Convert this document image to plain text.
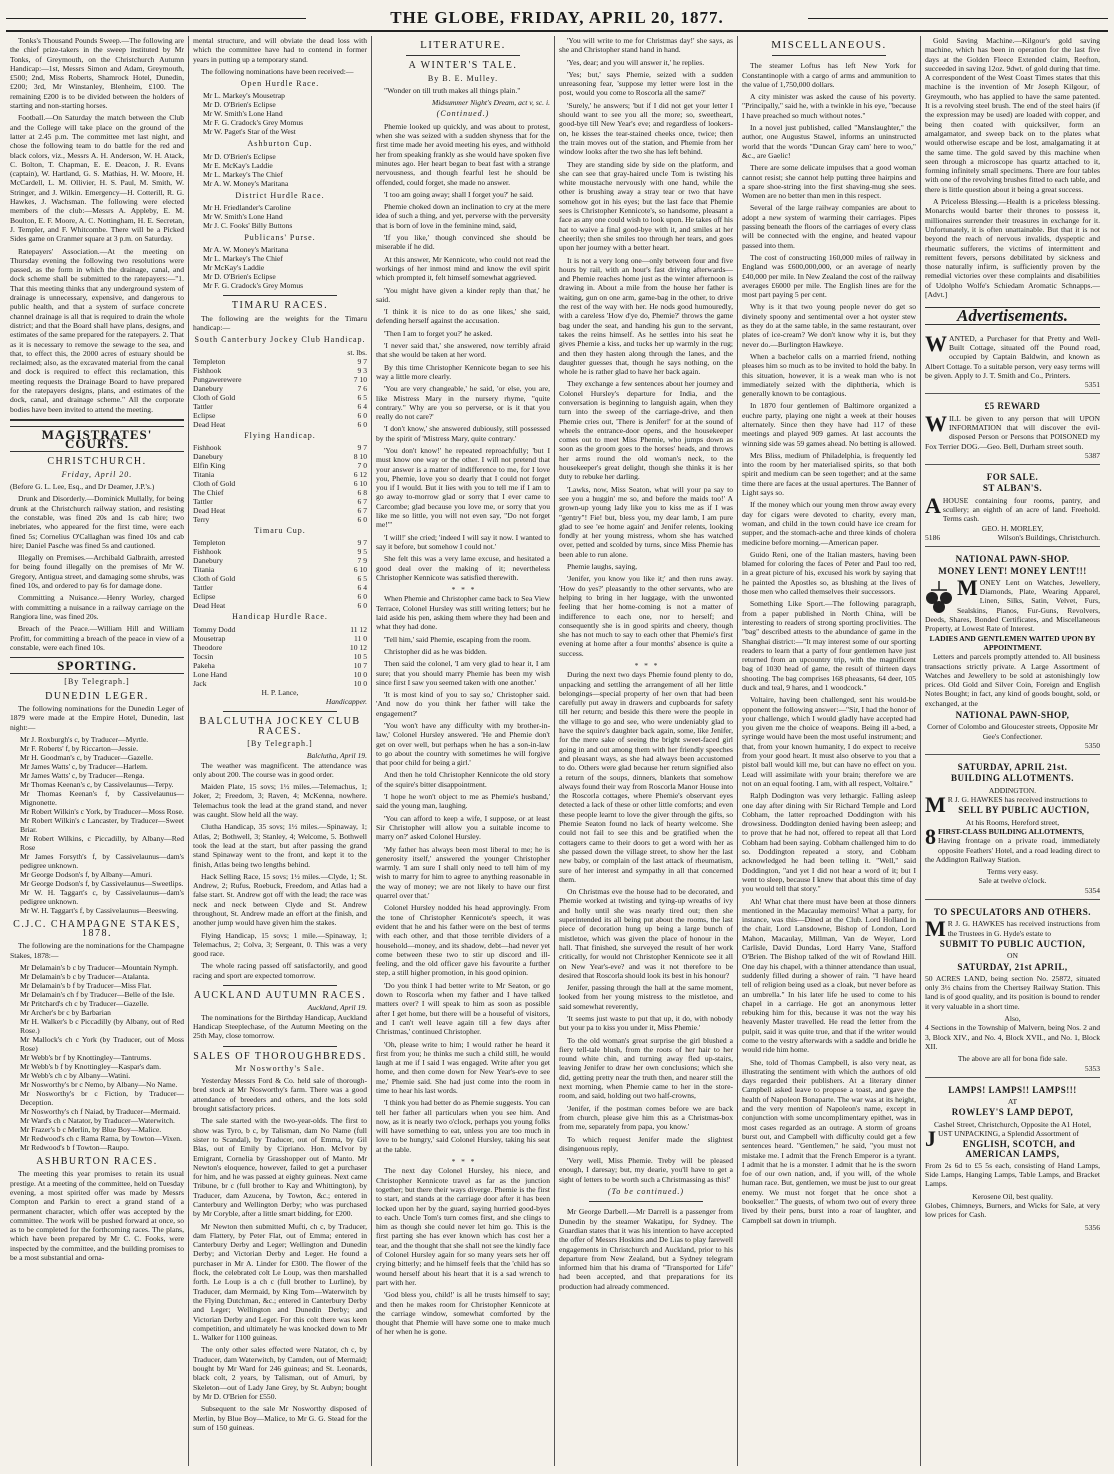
THE GLOBE, FRIDAY, APRIL 20, 1877.

Tonks's Thousand Pounds Sweep.—The following are the chief prize-takers in the sweep instituted by Mr Tonks, of Greymouth, on the Christchurch Autumn Handicap:—1st, Messrs Simon and Adam, Greymouth, £500; 2nd, Miss Roberts, Shamrock Hotel, Dunedin, £200; 3rd, Mr Winstanley, Blenheim, £100. The remaining £200 is to be divided between the holders of starting and non-starting horses.

Football.—On Saturday the match between the Club and the College will take place on the ground of the latter at 2.45 p.m. The committee met last night, and chose the following team to do battle for the red and black colors, viz., Messrs A. H. Anderson, W. H. Atack, C. Bolton, T. Chapman, E. E. Deacon, J. R. Evans (captain), W. Hartland, G. S. Mathias, H. W. Moore, H. McCardell, L. M. Ollivier, H. S. Paul, M. Smith, W. Stringer, and J. Wilkin. Emergency—H. Cotterill, R. G. Hawkes, J. Wachsman. The following were elected members of the club:—Messrs A. Appleby, E. M. Boulton, E. F. Moore, A. C. Nottingham, H. E. Secretan, J. Templer, and F. Whitcombe. There will be a Picked Sides game on Cranmer square at 3 p.m. on Saturday.

Ratepayers' Association.—At the meeting on Thursday evening the following two resolutions were passed, as the form in which the drainage, canal, and dock scheme shall be submitted to the ratepayers:—"1. That this meeting thinks that any underground system of drainage is unnecessary, expensive, and dangerous to public health, and that a system of surface concrete channel drainage is all that is required to drain the whole district; and that the Board shall have plans, designs, and estimates of the same prepared for the ratepayers. 2. That as it is necessary to remove the sewage to the sea, and that, to effect this, the 2000 acres of estuary should be reclaimed; also, as the excavated material from the canal and dock is required to effect this reclamation, this meeting requests the Drainage Board to have prepared for the ratepayers designs, plans, and estimates of the dock, canal, and drainage scheme." All the corporate bodies have been invited to attend the meeting.

MAGISTRATES' COURTS.
CHRISTCHURCH.
Friday, April 20.

(Before G. L. Lee, Esq., and Dr Deamer, J.P.'s.)

Drunk and Disorderly.—Dominick Mullally, for being drunk at the Christchurch railway station, and resisting the constable, was fined 20s and 1s cab hire; two inebriates, who appeared for the first time, were each fined 5s; Cornelius O'Callaghan was fined 10s and cab hire; Daniel Pasche was fined 5s and cautioned.

Illegally on Premises.—Archibald Galbraith, arrested for being found illegally on the premises of Mr W. Gregory, Antigua street, and damaging some shrubs, was fined 10s, and ordered to pay 6s for damage done.

Committing a Nuisance.—Henry Worley, charged with committing a nuisance in a railway carriage on the Rangiora line, was fined 20s.

Breach of the Peace.—William Hill and William Profitt, for committing a breach of the peace in view of a constable, were each fined 10s.

SPORTING.
[By Telegraph.]
DUNEDIN LEGER.

The following nominations for the Dunedin Leger of 1879 were made at the Empire Hotel, Dunedin, last night:—

Mr J. Roxburgh's c, by Traducer—Myrtle.
Mr F. Roberts' f, by Riccarton—Jessie.
Mr H. Goodman's c, by Traducer—Gazelle.
Mr James Watts' c, by Traducer—Harlem.
Mr James Watts' c, by Traducer—Renga.
Mr Thomas Keenan's c, by Cassivelaunus—Terpy.
Mr Thomas Keenan's f, by Cassivelaunus—Mignonette.
Mr Robert Wilkin's c York, by Traducer—Moss Rose.
Mr Robert Wilkin's c Lancaster, by Traducer—Sweet Briar.
Mr Robert Wilkins, c Piccadilly, by Albany—Red Rose
Mr James Forsyth's f, by Cassivelaunus—dam's pedigree unknown.
Mr George Dodson's f, by Albany—Amuri.
Mr George Dodson's f, by Cassivelaunus—Sweetlips.
Mr W. H. Taggart's c, by Cassivelaunus—dam's pedigree unknown.
Mr W. H. Taggart's f, by Cassivelaunus—Beeswing.
C.J.C. CHAMPAGNE STAKES, 1878.

The following are the nominations for the Champagne Stakes, 1878:—

Mr Delamain's b c by Traducer—Mountain Nymph.
Mr Delamain's b c by Traducer—Atalanta.
Mr Delamain's b f by Traducer—Miss Flat.
Mr Delamain's ch f by Traducer—Belle of the Isle.
Mr Pritchard's ch c by Traducer—Gazelle.
Mr Archer's br c by Barbarian
Mr H. Walker's b c Piccadilly (by Albany, out of Red Rose.)
Mr Mallock's ch c York (by Traducer, out of Moss Rose)
Mr Webb's br f by Knottingley—Tantrums.
Mr Webb's b f by Knottingley—Kaspar's dam.
Mr Webb's ch c by Albany—Watini.
Mr Nosworthy's br c Nemo, by Albany—No Name.
Mr Nosworthy's br c Fiction, by Traducer—Deception.
Mr Nosworthy's ch f Naiad, by Traducer—Mermaid.
Mr Ward's ch c Natator, by Traducer—Waterwitch.
Mr Frazer's b c Merlin, by Blue Boy—Malice.
Mr Redwood's ch c Rama Rama, by Towton—Vixen.
Mr Redwood's b f Towton—Raupo.
ASHBURTON RACES.

The meeting this year promises to retain its usual prestige. At a meeting of the committee, held on Tuesday evening, a most spirited offer was made by Messrs Compton and Parkin to erect a grand stand of a permanent character, which offer was accepted by the committee. The work will be pushed forward at once, so as to be completed for the forthcoming races. The plans, which have been prepared by Mr C. C. Fooks, were inspected by the committee, and the building promises to be a most substantial and orna-

mental structure, and will obviate the dead loss with which the committee have had to contend in former years in putting up a temporary stand.

The following nominations have been received:—

Open Hurdle Race.
Mr L. Markey's Mousetrap
Mr D. O'Brien's Eclipse
Mr W. Smith's Lone Hand
Mr F. G. Cradock's Grey Momus
Mr W. Paget's Star of the West
Ashburton Cup.
Mr D. O'Brien's Eclipse
Mr E. McKay's Laddie
Mr L. Markey's The Chief
Mr A. W. Money's Maritana
District Hurdle Race.
Mr H. Friedlander's Caroline
Mr W. Smith's Lone Hand
Mr J. C. Fooks' Billy Buttons
Publicans' Purse.
Mr A. W. Money's Maritana
Mr L. Markey's The Chief
Mr McKay's Laddie
Mr D. O'Brien's Eclipse
Mr F. G. Cradock's Grey Momus
TIMARU RACES.

The following are the weights for the Timaru handicap:—

South Canterbury Jockey Club Handicap.
st. lbs.
Templeton	9 7
Fishhook	9 3
Pungawerewere	7 10
Danebury	7 6
Cloth of Gold	6 5
Tattler	6 4
Eclipse	6 0
Dead Heat	6 0
Flying Handicap.
Fishhook	9 7
Danebury	8 10
Elfin King	7 0
Titania	6 12
Cloth of Gold	6 10
The Chief	6 8
Tattler	6 7
Dead Heat	6 7
Terry	6 0
Timaru Cup.
Templeton	9 7
Fishhook	9 5
Danebury	7 9
Titania	6 10
Cloth of Gold	6 5
Tattler	6 4
Eclipse	6 0
Dead Heat	6 0
Handicap Hurdle Race.
Tommy Dodd	11 12
Mousetrap	11 0
Theodore	10 12
Tocsin	10 5
Pakeha	10 7
Lone Hand	10 0
Jack	10 0
H. P. Lance,
Handicapper.
BALCLUTHA JOCKEY CLUB RACES.
[By Telegraph.]
Balclutha, April 19.

The weather was magnificent. The attendance was only about 200. The course was in good order.

Maiden Plate, 15 sovs; 1½ miles.—Telemachus, 1; Joker, 2; Freedom, 3; Raven, 4; McKenna, nowhere. Telemachus took the lead at the grand stand, and never was caught. Slow held all the way.

Clutha Handicap, 35 sovs; 1½ miles.—Spinaway, 1; Atlas, 2; Bothwell, 3; Stanley, 4; Welcome, 5. Bothwell took the lead at the start, but after passing the grand stand Spinaway went to the front, and kept it to the finish, Atlas being two lengths behind.

Hack Selling Race, 15 sovs; 1½ miles.—Clyde, 1; St. Andrew, 2; Rufus, Roebuck, Freedom, and Atlas had a false start. St. Andrew got off with the lead; the race was neck and neck between Clyde and St. Andrew throughout, St. Andrew made an effort at the finish, and another jump would have given him the stakes.

Flying Handicap, 15 sovs; 1 mile.—Spinaway, 1; Telemachus, 2; Colva, 3; Sergeant, 0. This was a very good race.

The whole racing passed off satisfactorily, and good racing and sport are expected tomorrow.

AUCKLAND AUTUMN RACES.
Auckland, April 19.

The nominations for the Birthday Handicap, Auckland Handicap Steeplechase, of the Autumn Meeting on the 25th May, close tomorrow.

SALES OF THOROUGHBREDS.
Mr Nosworthy's Sale.

Yesterday Messrs Ford & Co. held sale of thorough-bred stock at Mr Nosworthy's farm. There was a good attendance of breeders and others, and the lots sold brought satisfactory prices.

The sale started with the two-year-olds. The first to show was Tyro, b c, by Talisman, dam No Name (full sister to Scandal), by Traducer, out of Emma, by Gil Blas, out of Emily by Cipriano. Hon. McIvor by Emigrant, Cornelia by Grasshopper out of Manto. Mr Newton's eloquence, however, failed to get a purchaser for him, and he was passed at eighty guineas. Next came Tribune, br c (full brother to Kay and Whittington), by Traducer, dam Azucena, by Towton, &c.; entered in Canterbury and Wellington Derby; who was purchased by Mr Coryble, after a little smart bidding, for £200.

Mr Newton then submitted Mufti, ch c, by Traducer, dam Flattery, by Peter Flat, out of Emma; entered in Canterbury Derby and Leger; Wellington and Dunedin Derby; and Victorian Derby and Leger. He found a purchaser in Mr A. Linder for £300. The flower of the flock, the celebrated colt Le Loup, was then marshalled forth. Le Loup is a ch c (full brother to Lurline), by Traducer, dam Mermaid, by King Tom—Waterwitch by the Flying Dutchman, &c.; entered in Canterbury Derby and Leger; Wellington and Dunedin Derby; and Victorian Derby and Leger. For this colt there was keen competition, and ultimately he was knocked down to Mr L. Walker for 1100 guineas.

The only other sales effected were Natator, ch c, by Traducer, dam Waterwitch, by Camden, out of Mermaid; bought by Mr Ward for 246 guineas; and St. Leonards, black colt, 2 years, by Talisman, out of Amuri, by Skeleton—out of Lady Jane Grey, by St. Aubyn; bought by Mr D. O'Brien for £550.

Subsequent to the sale Mr Nosworthy disposed of Merlin, by Blue Boy—Malice, to Mr G. G. Stead for the sum of 150 guineas.

LITERATURE.
A WINTER'S TALE.
By B. E. Mulley.

"Wonder on till truth makes all things plain."

Midsummer Night's Dream, act v, sc. i.
(Continued.)

Phemie looked up quickly, and was about to protest, when she was seized with a sudden shyness that for the first time made her avoid meeting his eyes, and withhold her from speaking frankly as she would have spoken five minutes ago. Her heart began to beat fast with a strange nervousness, and though fearful lest he should be offended, could forget, she made no answer.

'I too am going away; shall I forget you?' he said.

Phemie choked down an inclination to cry at the mere idea of such a thing, and yet, perverse with the perversity that is born of love in the feminine mind, said,

'If you like,' though convinced she should be miserable if he did.

At this answer, Mr Kennicote, who could not read the workings of her inmost mind and know the evil spirit which prompted it, felt himself somewhat aggrieved.

'You might have given a kinder reply than that,' he said.

'I think it is nice to do as one likes,' she said, defending herself against the accusation.

'Then I am to forget you?' he asked.

'I never said that,' she answered, now terribly afraid that she would be taken at her word.

By this time Christopher Kennicote began to see his way a little more clearly.

'You are very changeable,' he said, 'or else, you are, like Mistress Mary in the nursery rhyme, "quite contrary." Why are you so perverse, or is it that you really do not care?'

'I don't know,' she answered dubiously, still possessed by the spirit of 'Mistress Mary, quite contrary.'

'You don't know!' he repeated reproachfully; 'but I must know one way or the other. I will not pretend that your answer is a matter of indifference to me, for I love you, Phemie, love you so dearly that I could not forget you if I would. But it lies with you to tell me if I am to go away to-morrow glad or sorry that I ever came to Carcombe; glad because you love me, or sorry that you like me so little, you will not even say, "Do not forget me!"'

'I will!' she cried; 'indeed I will say it now. I wanted to say it before, but somehow I could not.'

She felt this was a very lame excuse, and hesitated a good deal over the making of it; nevertheless Christopher Kennicote was satisfied therewith.

*   *   *

When Phemie and Christopher came back to Sea View Terrace, Colonel Hursley was still writing letters; but he laid aside his pen, asking them where they had been and what they had done.

'Tell him,' said Phemie, escaping from the room.

Christopher did as he was bidden.

Then said the colonel, 'I am very glad to hear it, I am sure; that you should marry Phemie has been my wish since first I saw you seemed taken with one another.'

'It is most kind of you to say so,' Christopher said. 'And now do you think her father will take the engagement?'

'You won't have any difficulty with my brother-in-law,' Colonel Hursley answered. 'He and Phemie don't get on over well, but perhaps when he has a son-in-law to go about the country with sometimes he will forgive that poor child for being a girl.'

And then he told Christopher Kennicote the old story of the squire's bitter disappointment.

'I hope he won't object to me as Phemie's husband,' said the young man, laughing.

'You can afford to keep a wife, I suppose, or at least Sir Christopher will allow you a suitable income to marry on?' asked Colonel Hursley.

'My father has always been most liberal to me; he is generosity itself,' answered the younger Christopher warmly. 'I am sure I shall only need to tell him of my wish to marry for him to agree to anything reasonable in the way of money; we are not likely to have our first quarrel over that.'

Colonel Hursley nodded his head approvingly. From the tone of Christopher Kennicote's speech, it was evident that he and his father were on the best of terms with each other, and that those terrible dividers of a household—money, and its shadow, debt—had never yet come between these two to stir up discord and ill-feeling, and the old officer gave his favourite a further step, a still higher promotion, in his good opinion.

'Do you think I had better write to Mr Seaton, or go down to Roscorla when my father and I have talked matters over? I will speak to him as soon as possible after I get home, but there will be a houseful of visitors, and I can't well leave again till a few days after Christmas,' continued Christopher.

'Oh, please write to him; I would rather he heard it first from you; he thinks me such a child still, he would laugh at me if I said I was engaged. Write after you get home, and then come down for New Year's-eve to see me,' Phemie said. She had just come into the room in time to hear his last words.

'I think you had better do as Phemie suggests. You can tell her father all particulars when you see him. And now, as it is nearly two o'clock, perhaps you young folks will have something to eat, unless you are too much in love to be hungry,' said Colonel Hursley, taking his seat at the table.

*   *   *

The next day Colonel Hursley, his niece, and Christopher Kennicote travel as far as the junction together; but there their ways diverge. Phemie is the first to start, and stands at the carriage door after it has been locked upon her by the guard, saying hurried good-byes to each. Uncle Tom's turn comes first, and she clings to him as though she could never let him go. This is the first parting she has ever known which has cost her a tear, and the thought that she shall not see the kindly face of Colonel Hursley again for so many years sets her off crying bitterly; and he himself feels that the 'child has so wound herself about his heart that it is a sad wrench to part with her.

'God bless you, child!' is all he trusts himself to say; and then he makes room for Christopher Kennicote at the carriage window, somewhat comforted by the thought that Phemie will have some one to make much of her when he is gone.

'You will write to me for Christmas day!' she says, as she and Christopher stand hand in hand.

'Yes, dear; and you will answer it,' he replies.

'Yes; but,' says Phemie, seized with a sudden unreasoning fear, 'suppose my letter were lost in the post, would you come to Roscorla all the same?'

'Surely,' he answers; 'but if I did not get your letter I should want to see you all the more; so, sweetheart, good-bye till New Year's eve; and regardless of lookers-on, he kisses the tear-stained cheeks once, twice; then the train moves out of the station, and Phemie from her window looks after the two she has left behind.

They are standing side by side on the platform, and she can see that gray-haired uncle Tom is twisting his white moustache nervously with one hand, while the other is brushing away a stray tear or two that have somehow got in his eyes; but the last face that Phemie sees is Christopher Kennicote's, so handsome, pleasant a face as any one could wish to look upon. He takes off his hat to waive a final good-bye with it, and smiles at her cheerily; then she smiles too through her tears, and goes upon her journey with a better heart.

It is not a very long one—only between four and five hours by rail, with an hour's fast driving afterwards—and Phemie reaches home just as the winter afternoon is drawing in. About a mile from the house her father is waiting, gun on one arm, game-bag in the other, to drive the rest of the way with her. He nods good humouredly, with a careless 'How d'ye do, Phemie?' throws the game bag under the seat, and handing his gun to the servant, takes the reins himself. As he settles into his seat he gives Phemie a kiss, and tucks her up warmly in the rug; and then they hasten along through the lanes, and the daughter guesses that, though he says nothing, on the whole he is rather glad to have her back again.

They exchange a few sentences about her journey and Colonel Hursley's departure for India, and the conversation is beginning to languish again, when they turn into the sweep of the carriage-drive, and then Phemie cries out, 'There is Jenifer!' for at the sound of wheels the entrance-door opens, and the housekeeper comes out to meet Miss Phemie, who jumps down as soon as the groom goes to the horses' heads, and throws her arms round the old woman's neck, to the housekeeper's great delight, though she thinks it is her duty to rebuke her darling.

'Lawks, now, Miss Seaton, what will your pa say to see you a huggin' me so, and before the maids too!' A grown-up young lady like you to kiss me as if I was "gentry"! Fie! but, bless you, my dear lamb, I am pure glad to see 'ee home again' and Jenifer relents, looking fondly at her young mistress, whom she has watched over, petted and scolded by turns, since Miss Phemie has been able to run alone.

Phemie laughs, saying,

'Jenifer, you know you like it;' and then runs away. 'How do yes?' pleasantly to the other servants, who are helping to bring in her luggage, with the unwonted feeling that her home-coming is not a matter of indifference to each one, nor to herself; and consequently she is in good spirits and cheery, though she has not much to say to each other that Phemie's first evening at home after a four months' absence is quite a success.

*   *   *

During the next two days Phemie found plenty to do, unpacking and settling the arrangement of all her little belongings—special property of her own that had been carefully put away in drawers and cupboards for safety till her return; and beside this there were the people in the village to go and see, who were undeniably glad to have the squire's daughter back again, some, like Jenifer, for the mere sake of seeing the bright sweet-faced girl going in and out among them with her friendly speeches and pleasant ways, as she had always been accustomed to do. Others were glad because her return signified also a return of the soups, dinners, blankets that somehow always found their way from Roscorla Manor House into the Roscorla cottages, where Phemie's observant eyes detected a lack of these or other little comforts; and even these people learnt to love the giver through the gifts, so Phemie Seaton found no lack of hearty welcome. She could not fail to see this and be gratified when the cottagers came to their doors to get a word with her as she passed down the village street, to show her the last new baby, or complain of the last attack of rheumatism, sure of her interest and sympathy in all that concerned them.

On Christmas eve the house had to be decorated, and Phemie worked at twisting and tying-up wreaths of ivy and holly until she was nearly tired out; then she superintended its all being put about the rooms, the last piece of decoration hung up being a large bunch of mistletoe, which was given the place of honour in the hall. That finished, she surveyed the result of her work critically, for would not Christopher Kennicote see it all on New Year's-eve? and was it not therefore to be desired that Roscorla should look its best in his honour?

Jenifer, passing through the hall at the same moment, looked from her young mistress to the mistletoe, and said somewhat reverently,

'It seems just waste to put that up, it do, with nobody but your pa to kiss you under it, Miss Phemie.'

To the old woman's great surprise the girl blushed a fiery tell-tale blush, from the roots of her hair to her round white chin, and turning away fled up-stairs, leaving Jenifer to draw her own conclusions; which she did, getting pretty near the truth then, and nearer still the next morning, when Phemie came to her in the store-room, and said, holding out two half-crowns,

'Jenifer, if the postman comes before we are back from church, please give him this as a Christmas-box from me, separately from papa, you know.'

To which request Jenifer made the slightest disingenuous reply,

'Very well, Miss Phemie. Treby will be pleased enough, I daresay; but, my dearie, you'll have to get a sight of letters to be worth such a Christmassing as this!'

(To be continued.)

Mr George Darbell.—Mr Darrell is a passenger from Dunedin by the steamer Wakatipu, for Sydney. The Guardian states that it was his intention to have accepted the offer of Messrs Hoskins and De Lias to play farewell engagements in Christchurch and Auckland, prior to his departure from New Zealand, but a Sydney telegram informed him that his drama of "Transported for Life" had been accepted, and that preparations for its production had already commenced.

MISCELLANEOUS.

The steamer Loftus has left New York for Constantinople with a cargo of arms and ammunition to the value of 1,750,000 dollars.

A city minister was asked the cause of his poverty. "Principally," said he, with a twinkle in his eye, "because I have preached so much without notes."

In a novel just published, called "Manslaughter," the author, one Augustus Stawel, informs an uninstructed world that the words "Duncan Gray cam' here to woo," &c., are Gaelic!

There are some delicate impulses that a good woman cannot resist; she cannot help putting three hairpins and a spare shoe-string into the first shaving-mug she sees. Women are no better than men in this respect.

Several of the large railway companies are about to adopt a new system of warming their carriages. Pipes passing beneath the floors of the carriages of every class will be connected with the engine, and heated vapour passed into them.

The cost of constructing 160,000 miles of railway in England was £600,000,000, or an average of nearly £40,000 per mile. In New Zealand the cost of the railway averages £6000 per mile. The English lines are for the most part paying 5 per cent.

Why is it that two young people never do get so divinely spoony and sentimental over a hot oyster stew as they do at the same table, in the same restaurant, over plates of ice-cream? We don't know why it is, but they never do.—Burlington Hawkeye.

When a bachelor calls on a married friend, nothing pleases him so much as to be invited to hold the baby. In this situation, however, it is a weak man who is not immediately seized with the diphtheria, which is generally known to be contagious.

In 1870 four gentlemen of Baltimore organized a euchre party, playing one night a week at their houses alternately. Since then they have had 117 of these meetings and played 909 games. At last accounts the winning side was 59 games ahead. No betting is allowed.

Mrs Bliss, medium of Philadelphia, is frequently led into the room by her materialised spirits, so that both spirit and medium can be seen together; and at the same time there are faces at the usual apertures. The Banner of Light says so.

If the money which our young men throw away every day for cigars were devoted to charity, every man, woman, and child in the town could have ice cream for supper, and the stomach-ache and three kinds of cholera medicine before morning.—American paper.

Guido Reni, one of the Italian masters, having been blamed for coloring the faces of Peter and Paul too red, in a great picture of his, excused his work by saying that he painted the Apostles so, as blushing at the lives of those men who called themselves their successors.

Something Like Sport.—The following paragraph, from a paper published in North China, will be interesting to readers of strong sporting proclivities. The "bag" described attests to the abundance of game in the Shanghai district:—"It may interest some of our sporting readers to learn that a party of four gentlemen have just returned from an upcountry trip, with the magnificent bag of 1030 head of game, the result of thirteen days shooting. The bag comprises 168 pheasants, 64 deer, 105 duck and teal, 9 hares, and 1 woodcock."

Voltaire, having been challenged, sent his would-be opponent the following answer:—"Sir, I had the honor of your challenge, which I would gladly have accepted had you given me the choice of weapons. Being ill a-bed, a syringe would have been the most useful instrument; and that, from your known humanity, I do expect to receive from your good heart. It must also observe to you that a pistol ball would kill me, but can have no effect on you. Lead will assimilate with your brain; therefore we are not on an equal footing. I am, with all respect, Voltaire."

Ralph Dodington was very lethargic. Falling asleep one day after dining with Sir Richard Temple and Lord Cobham, the latter reproached Doddington with his drowsiness. Doddington denied having been asleep; and to prove that he had not, offered to repeat all that Lord Cobham had been saying. Cobham challenged him to do so. Doddington repeated a story, and Cobham acknowledged he had been telling it. "Well," said Doddington, "and yet I did not hear a word of it; but I went to sleep, because I knew that about this time of day you would tell that story."

Ah! What chat there must have been at those dinners mentioned in the Macaulay memoirs! What a party, for instance, was this—Dined at the Club. Lord Holland in the chair, Lord Lansdowne, Bishop of London, Lord Mahon, Macaulay, Millman, Van de Weyer, Lord Carlisle, David Dundas, Lord Harry Vane, Stafford O'Brien. The Bishop talked of the wit of Rowland Hill. One day his chapel, with a thinner attendance than usual, suddenly filled during a shower of rain. "I have heard tell of religion being used as a cloak, but never before as an umbrella." In his later life he used to come to his chapel in a carriage. He got an anonymous letter rebuking him for this, because it was not the way his heavenly Master travelled. He read the letter from the pulpit, said it was quite true, and that if the writer would come to the vestry afterwards with a saddle and bridle he would ride him home.

She, told of Thomas Campbell, is also very neat, as illustrating the sentiment with which the authors of old days regarded their publishers. At a literary dinner Campbell asked leave to propose a toast, and gave the health of Napoleon Bonaparte. The war was at its height, and the very mention of Napoleon's name, except in conjunction with some uncomplimentary epithet, was in most cases regarded as an outrage. A storm of groans burst out, and Campbell with difficulty could get a few sentences heard. "Gentlemen," he said, "you must not mistake me. I admit that the French Emperor is a tyrant. I admit that he is a monster. I admit that he is the sworn foe of our own nation, and, if you will, of the whole human race. But, gentlemen, we must be just to our great enemy. We must not forget that he once shot a bookseller." The guests, of whom two out of every three lived by their pens, burst into a roar of laughter, and Campbell sat down in triumph.

Gold Saving Machine.—Kilgour's gold saving machine, which has been in operation for the last five days at the Golden Fleece Extended claim, Reefton, succeeded in saving 12oz. 9dwt. of gold during that time. A correspondent of the West Coast Times states that this machine is the invention of Mr Joseph Kilgour, of Greymouth, who has applied to have the same patented. It is a revolving steel brush. The end of the steel hairs (if the expression may be used) are loaded with copper, and being then coated with quicksilver, form an amalgamator, and sweep back on to the plates what would otherwise escape and be lost, amalgamating it at the same time. The gold saved by this machine when seen through a microscope has quartz attached to it, forming infinitely small specimens. There are four tables with one of the revolving brushes fitted to each table, and there is little question about it being a great success.

A Priceless Blessing.—Health is a priceless blessing. Monarchs would barter their thrones to possess it, millionaires surrender their treasures in exchange for it. Unfortunately, it is often unattainable. But that it is not beyond the reach of nervous invalids, dyspeptic and rheumatic sufferers, the victims of intermittent and remittent fevers, persons debilitated by sickness and those naturally infirm, is sufficiently proven by the remedial victories over these complaints and disabilities of Udolpho Wolfe's Schiedam Aromatic Schnapps.—[Advt.]

Advertisements.
W ANTED, a Purchaser for that Pretty and Well-Built Cottage, situated off the Pound road, occupied by Captain Baldwin, and known as Albert Cottage. To a suitable person, very easy terms will be given. Apply to J. T. Smith and Co., Printers.
5351
£5 REWARD
W ILL be given to any person that will UPON INFORMATION that will discover the evil-disposed Person or Persons that POISONED my Fox Terrier DOG.—Geo. Bell, Durham street south.
5387
FOR SALE.
ST ALBAN'S.
A HOUSE containing four rooms, pantry, and scullery; an eighth of an acre of land. Freehold. Terms cash.
GEO. H. MORLEY,
5186	Wilson's Buildings, Christchurch.
NATIONAL PAWN-SHOP.
MONEY LENT! MONEY LENT!!!
M ONEY Lent on Watches, Jewellery, Diamonds, Plate, Wearing Apparel, Linen, Silks, Satin, Velvet, Furs, Sealskins, Pianos, Fur-Guns, Revolvers, Deeds, Shares, Bonded Certificates, and Miscellaneous Property, at Lowest Rate of Interest.
LADIES AND GENTLEMEN WAITED UPON BY APPOINTMENT.

Letters and parcels promptly attended to. All business transactions strictly private. A Large Assortment of Watches and Jewellery to be sold at astonishingly low prices. Old Gold and Silver Coin, Foreign and English Notes Bought; in fact, any kind of goods bought, sold, or exchanged, at the

NATIONAL PAWN-SHOP,
Corner of Colombo and Gloucester streets, Opposite Mr Gee's Confectioner.
5350
SATURDAY, APRIL 21st.
BUILDING ALLOTMENTS.
ADDINGTON.
M R J. G. HAWKES has received instructions to
SELL BY PUBLIC AUCTION,
At his Rooms, Hereford street,
8 FIRST-CLASS BUILDING ALLOTMENTS,

Having frontage on a private road, immediately opposite Feathers' Hotel, and a road leading direct to the Addington Railway Station.

Terms very easy.
Sale at twelve o'clock.
5354
TO SPECULATORS AND OTHERS.
M R J. G. HAWKES has received instructions from the Trustees in G. Hyde's estate to
SUBMIT TO PUBLIC AUCTION,
ON
SATURDAY, 21st APRIL,

50 ACRES LAND, being section No. 25872, situated only 3½ chains from the Chertsey Railway Station. This land is of good quality, and its position is bound to render it very valuable in a short time.

Also,

4 Sections in the Township of Malvern, being Nos. 2 and 3, Block XIV., and No. 4, Block XVII., and No. 1, Block XII.

The above are all for bona fide sale.
5353
LAMPS! LAMPS!! LAMPS!!!
AT
ROWLEY'S LAMP DEPOT,
Cashel Street, Christchurch, Opposite the A1 Hotel,
J UST UNPACKING, a Splendid Assortment of
ENGLISH, SCOTCH, and AMERICAN LAMPS,

From 2s 6d to £5 5s each, consisting of Hand Lamps, Side Lamps, Hanging Lamps, Table Lamps, and Bracket Lamps.

Kerosene Oil, best quality.

Globes, Chimneys, Burners, and Wicks for Sale, at very low prices for Cash.

5356
